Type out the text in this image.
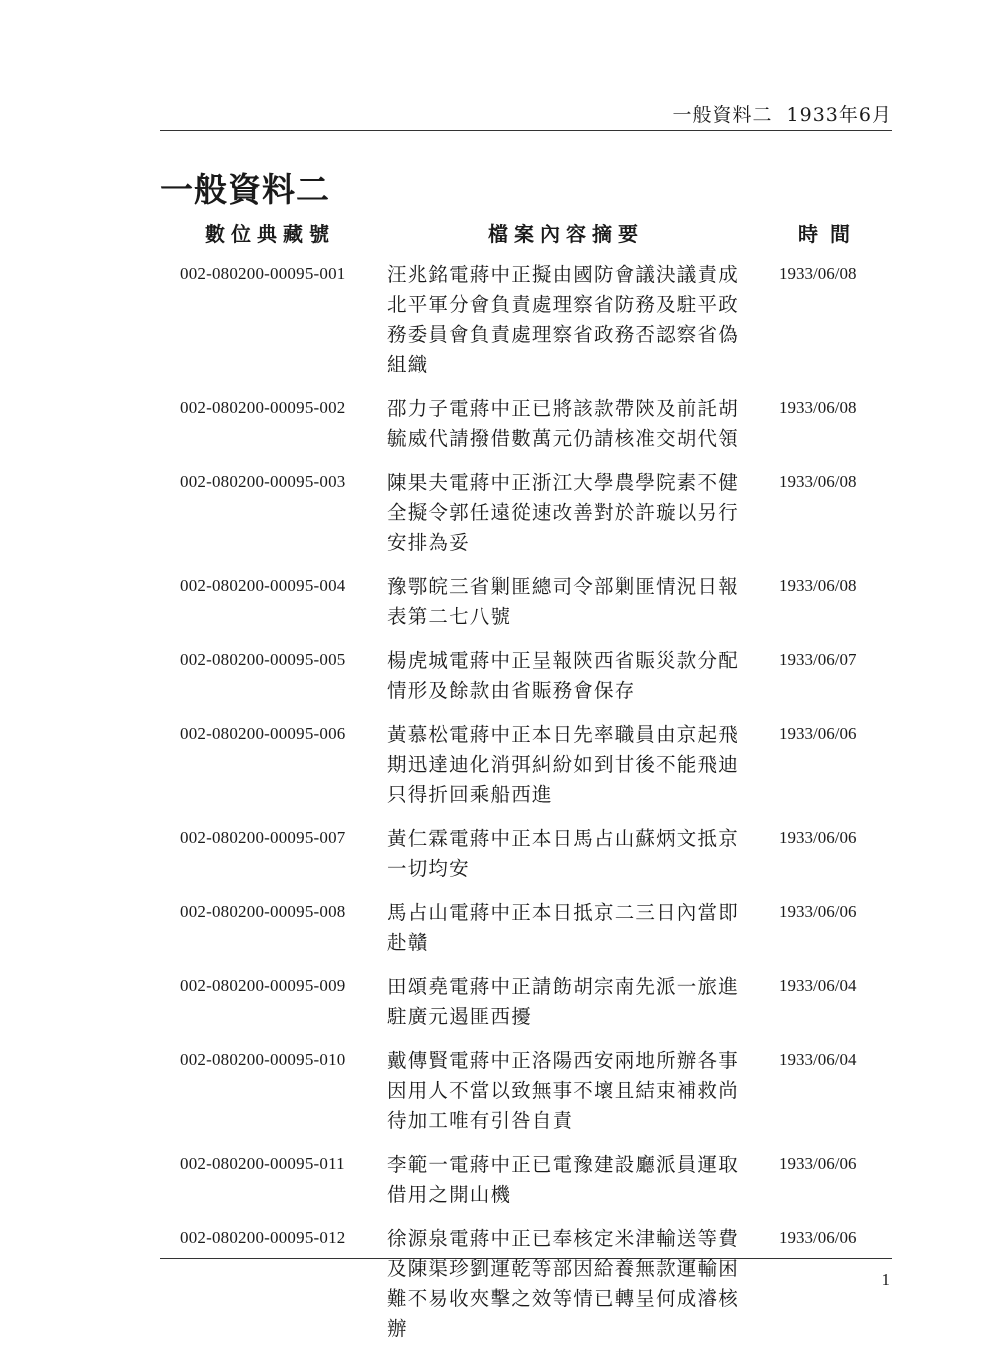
一般資料二 1933年6月
一般資料二
數位典藏號	檔案內容摘要	時間
002-080200-00095-001 汪兆銘電蔣中正擬由國防會議決議責成北平軍分會負責處理察省防務及駐平政務委員會負責處理察省政務否認察省偽組織
1933/06/08
002-080200-00095-002 邵力子電蔣中正已將該款帶陝及前託胡毓威代請撥借數萬元仍請核准交胡代領
1933/06/08
002-080200-00095-003 陳果夫電蔣中正浙江大學農學院素不健全擬令郭任遠從速改善對於許璇以另行安排為妥
1933/06/08
002-080200-00095-004 豫鄂皖三省剿匪總司令部剿匪情況日報表第二七八號
1933/06/08
002-080200-00095-005 楊虎城電蔣中正呈報陝西省賑災款分配情形及餘款由省賑務會保存
1933/06/07
002-080200-00095-006 黃慕松電蔣中正本日先率職員由京起飛期迅達迪化消弭糾紛如到甘後不能飛迪只得折回乘船西進
1933/06/06
002-080200-00095-007 黃仁霖電蔣中正本日馬占山蘇炳文抵京一切均安
1933/06/06
002-080200-00095-008 馬占山電蔣中正本日抵京二三日內當即赴贛
1933/06/06
002-080200-00095-009 田頌堯電蔣中正請飭胡宗南先派一旅進駐廣元遏匪西擾
1933/06/04
002-080200-00095-010 戴傳賢電蔣中正洛陽西安兩地所辦各事因用人不當以致無事不壞且結束補救尚待加工唯有引咎自責
1933/06/04
002-080200-00095-011 李範一電蔣中正已電豫建設廳派員運取借用之開山機
1933/06/06
002-080200-00095-012 徐源泉電蔣中正已奉核定米津輸送等費及陳渠珍劉運乾等部因給養無款運輸困難不易收夾擊之效等情已轉呈何成濬核辦
1933/06/06
1
